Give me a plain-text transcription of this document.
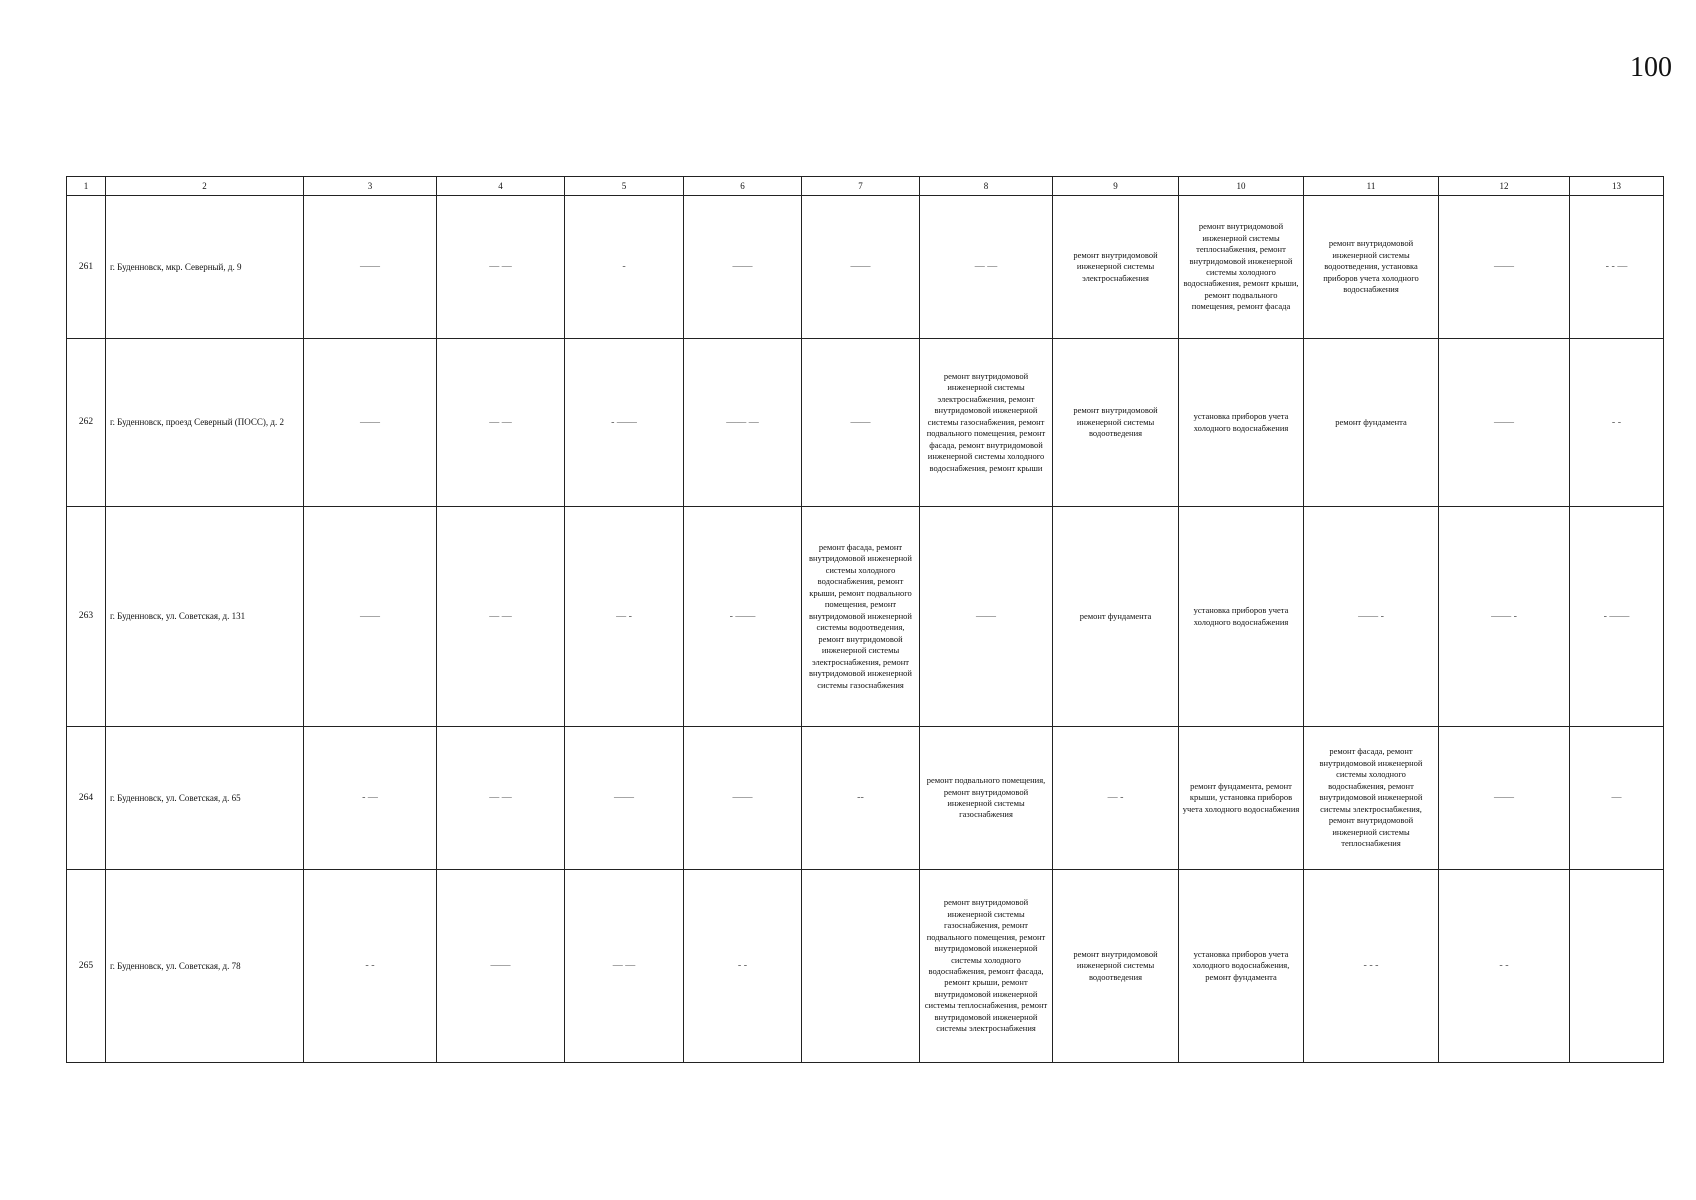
100
1	2	3	4	5	6	7	8	9	10	11	12	13
261	г. Буденновск, мкр. Северный, д. 9	——	— —	-	——	——	— —	ремонт внутридомовой инженерной системы электроснабжения	ремонт внутридомовой инженерной системы теплоснабжения, ремонт внутридомовой инженерной системы холодного водоснабжения, ремонт крыши, ремонт подвального помещения, ремонт фасада	ремонт внутридомовой инженерной системы водоотведения, установка приборов учета холодного водоснабжения	——	- - —
262	г. Буденновск, проезд Северный (ПОСС), д. 2	——	— —	- ——	—— —	——	ремонт внутридомовой инженерной системы электроснабжения, ремонт внутридомовой инженерной системы газоснабжения, ремонт подвального помещения, ремонт фасада, ремонт внутридомовой инженерной системы холодного водоснабжения, ремонт крыши	ремонт внутридомовой инженерной системы водоотведения	установка приборов учета холодного водоснабжения	ремонт фундамента	——	- -
263	г. Буденновск, ул. Советская, д. 131	——	— —	— -	- ——	ремонт фасада, ремонт внутридомовой инженерной системы холодного водоснабжения, ремонт крыши, ремонт подвального помещения, ремонт внутридомовой инженерной системы водоотведения, ремонт внутридомовой инженерной системы электроснабжения, ремонт внутридомовой инженерной системы газоснабжения	——	ремонт фундамента	установка приборов учета холодного водоснабжения	—— -	—— -	- ——
264	г. Буденновск, ул. Советская, д. 65	- —	— —	——	——	--	ремонт подвального помещения, ремонт внутридомовой инженерной системы газоснабжения	— -	ремонт фундамента, ремонт крыши, установка приборов учета холодного водоснабжения	ремонт фасада, ремонт внутридомовой инженерной системы холодного водоснабжения, ремонт внутридомовой инженерной системы электроснабжения, ремонт внутридомовой инженерной системы теплоснабжения	——	—
265	г. Буденновск, ул. Советская, д. 78	- -	——	— —	- -		ремонт внутридомовой инженерной системы газоснабжения, ремонт подвального помещения, ремонт внутридомовой инженерной системы холодного водоснабжения, ремонт фасада, ремонт крыши, ремонт внутридомовой инженерной системы теплоснабжения, ремонт внутридомовой инженерной системы электроснабжения	ремонт внутридомовой инженерной системы водоотведения	установка приборов учета холодного водоснабжения, ремонт фундамента	- - -	- -	
